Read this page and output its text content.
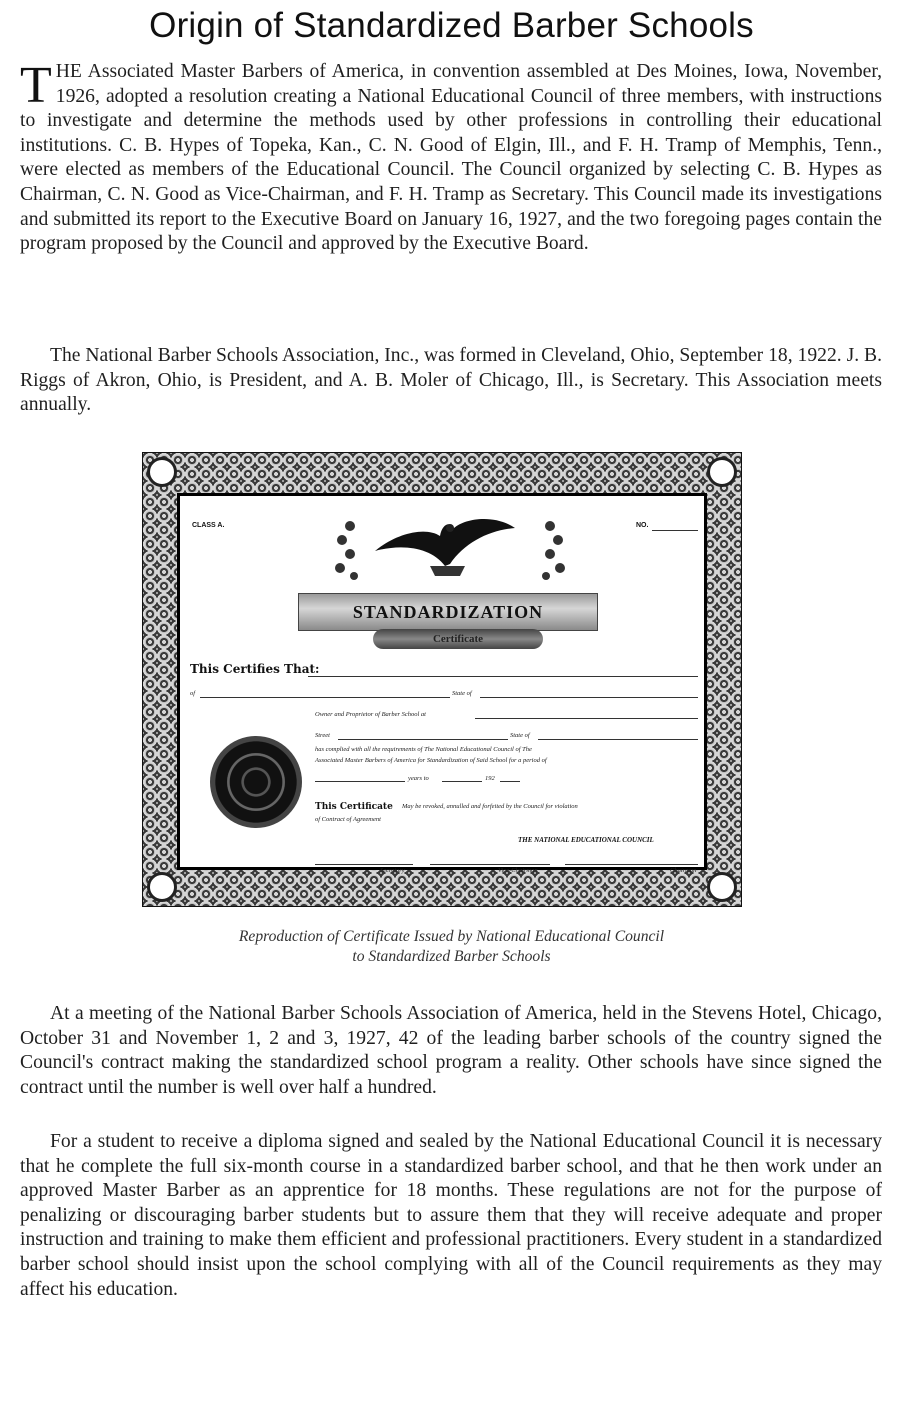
Origin of Standardized Barber Schools

THE Associated Master Barbers of America, in convention assembled at Des Moines, Iowa, November, 1926, adopted a resolution creating a National Educational Council of three members, with instructions to investigate and determine the methods used by other professions in controlling their educational institutions. C. B. Hypes of Topeka, Kan., C. N. Good of Elgin, Ill., and F. H. Tramp of Memphis, Tenn., were elected as members of the Educational Council. The Council organized by selecting C. B. Hypes as Chairman, C. N. Good as Vice-Chairman, and F. H. Tramp as Secretary. This Council made its investigations and submitted its report to the Executive Board on January 16, 1927, and the two foregoing pages contain the program proposed by the Council and approved by the Executive Board.

The National Barber Schools Association, Inc., was formed in Cleveland, Ohio, September 18, 1922. J. B. Riggs of Akron, Ohio, is President, and A. B. Moler of Chicago, Ill., is Secretary. This Association meets annually.

CLASS A.	NO.
STANDARDIZATION
Certificate
This Certifies That:
of	State of
Owner and Proprietor of Barber School at
Street	State of
has complied with all the requirements of The National Educational Council of The
Associated Master Barbers of America for Standardization of Said School for a period of
years to	192
This Certificate May be revoked, annulled and forfeited by the Council for violation
of Contract of Agreement
THE NATIONAL EDUCATIONAL COUNCIL
Secretary	Vice-Chairman	Chairman

Reproduction of Certificate Issued by National Educational Council
to Standardized Barber Schools

At a meeting of the National Barber Schools Association of America, held in the Stevens Hotel, Chicago, October 31 and November 1, 2 and 3, 1927, 42 of the leading barber schools of the country signed the Council's contract making the standardized school program a reality. Other schools have since signed the contract until the number is well over half a hundred.

For a student to receive a diploma signed and sealed by the National Educational Council it is necessary that he complete the full six-month course in a standardized barber school, and that he then work under an approved Master Barber as an apprentice for 18 months. These regulations are not for the purpose of penalizing or discouraging barber students but to assure them that they will receive adequate and proper instruction and training to make them efficient and professional practitioners. Every student in a standardized barber school should insist upon the school complying with all of the Council requirements as they may affect his education.
